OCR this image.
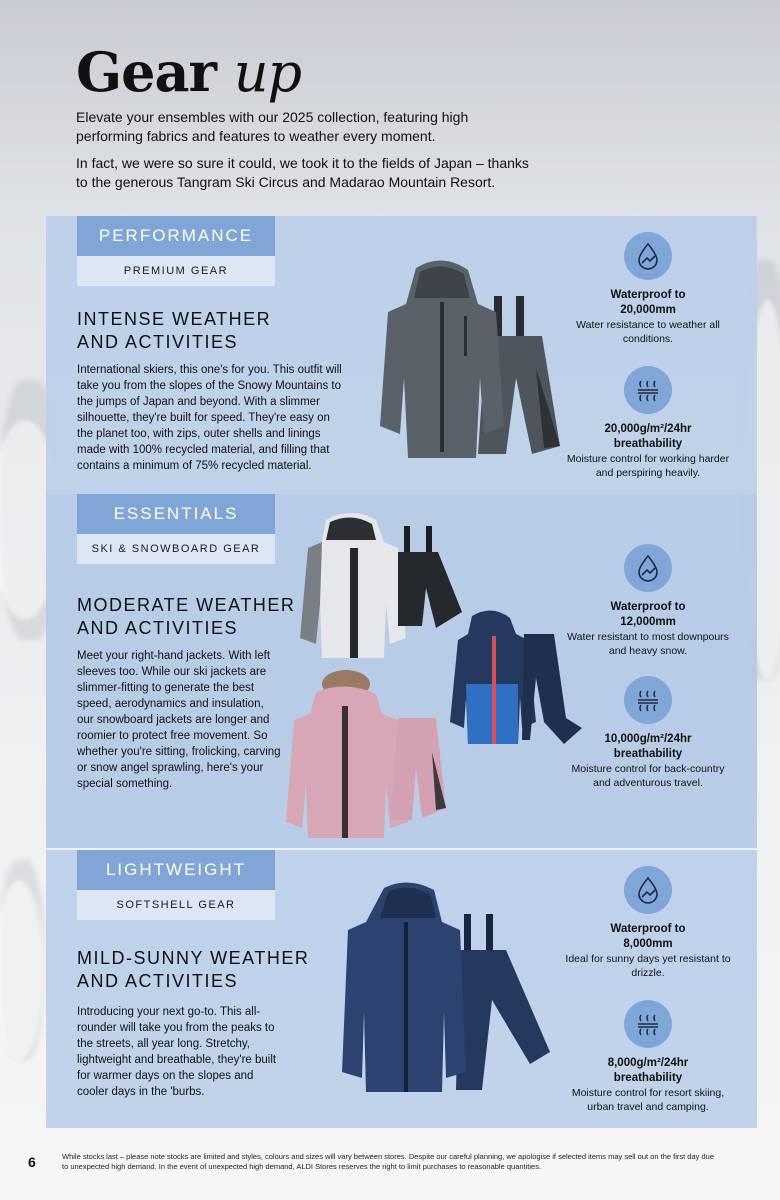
Gear up

Elevate your ensembles with our 2025 collection, featuring high performing fabrics and features to weather every moment.

In fact, we were so sure it could, we took it to the fields of Japan – thanks to the generous Tangram Ski Circus and Madarao Mountain Resort.

PERFORMANCE
PREMIUM GEAR
INTENSE WEATHER
AND ACTIVITIES

International skiers, this one's for you. This outfit will take you from the slopes of the Snowy Mountains to the jumps of Japan and beyond. With a slimmer silhouette, they're built for speed. They're easy on the planet too, with zips, outer shells and linings made with 100% recycled material, and filling that contains a minimum of 75% recycled material.

Waterproof to
20,000mm
Water resistance to weather all conditions.
20,000g/m²/24hr
breathability
Moisture control for working harder and perspiring heavily.
ESSENTIALS
SKI & SNOWBOARD GEAR
MODERATE WEATHER
AND ACTIVITIES

Meet your right-hand jackets. With left sleeves too. While our ski jackets are slimmer-fitting to generate the best speed, aerodynamics and insulation, our snowboard jackets are longer and roomier to protect free movement. So whether you're sitting, frolicking, carving or snow angel sprawling, here's your special something.

Waterproof to
12,000mm
Water resistant to most downpours and heavy snow.
10,000g/m²/24hr
breathability
Moisture control for back-country and adventurous travel.
LIGHTWEIGHT
SOFTSHELL GEAR
MILD-SUNNY WEATHER
AND ACTIVITIES

Introducing your next go-to. This all-rounder will take you from the peaks to the streets, all year long. Stretchy, lightweight and breathable, they're built for warmer days on the slopes and cooler days in the 'burbs.

Waterproof to
8,000mm
Ideal for sunny days yet resistant to drizzle.
8,000g/m²/24hr
breathability
Moisture control for resort skiing, urban travel and camping.
6	While stocks last – please note stocks are limited and styles, colours and sizes will vary between stores. Despite our careful planning, we apologise if selected items may sell out on the first day due to unexpected high demand. In the event of unexpected high demand, ALDI Stores reserves the right to limit purchases to reasonable quantities.
